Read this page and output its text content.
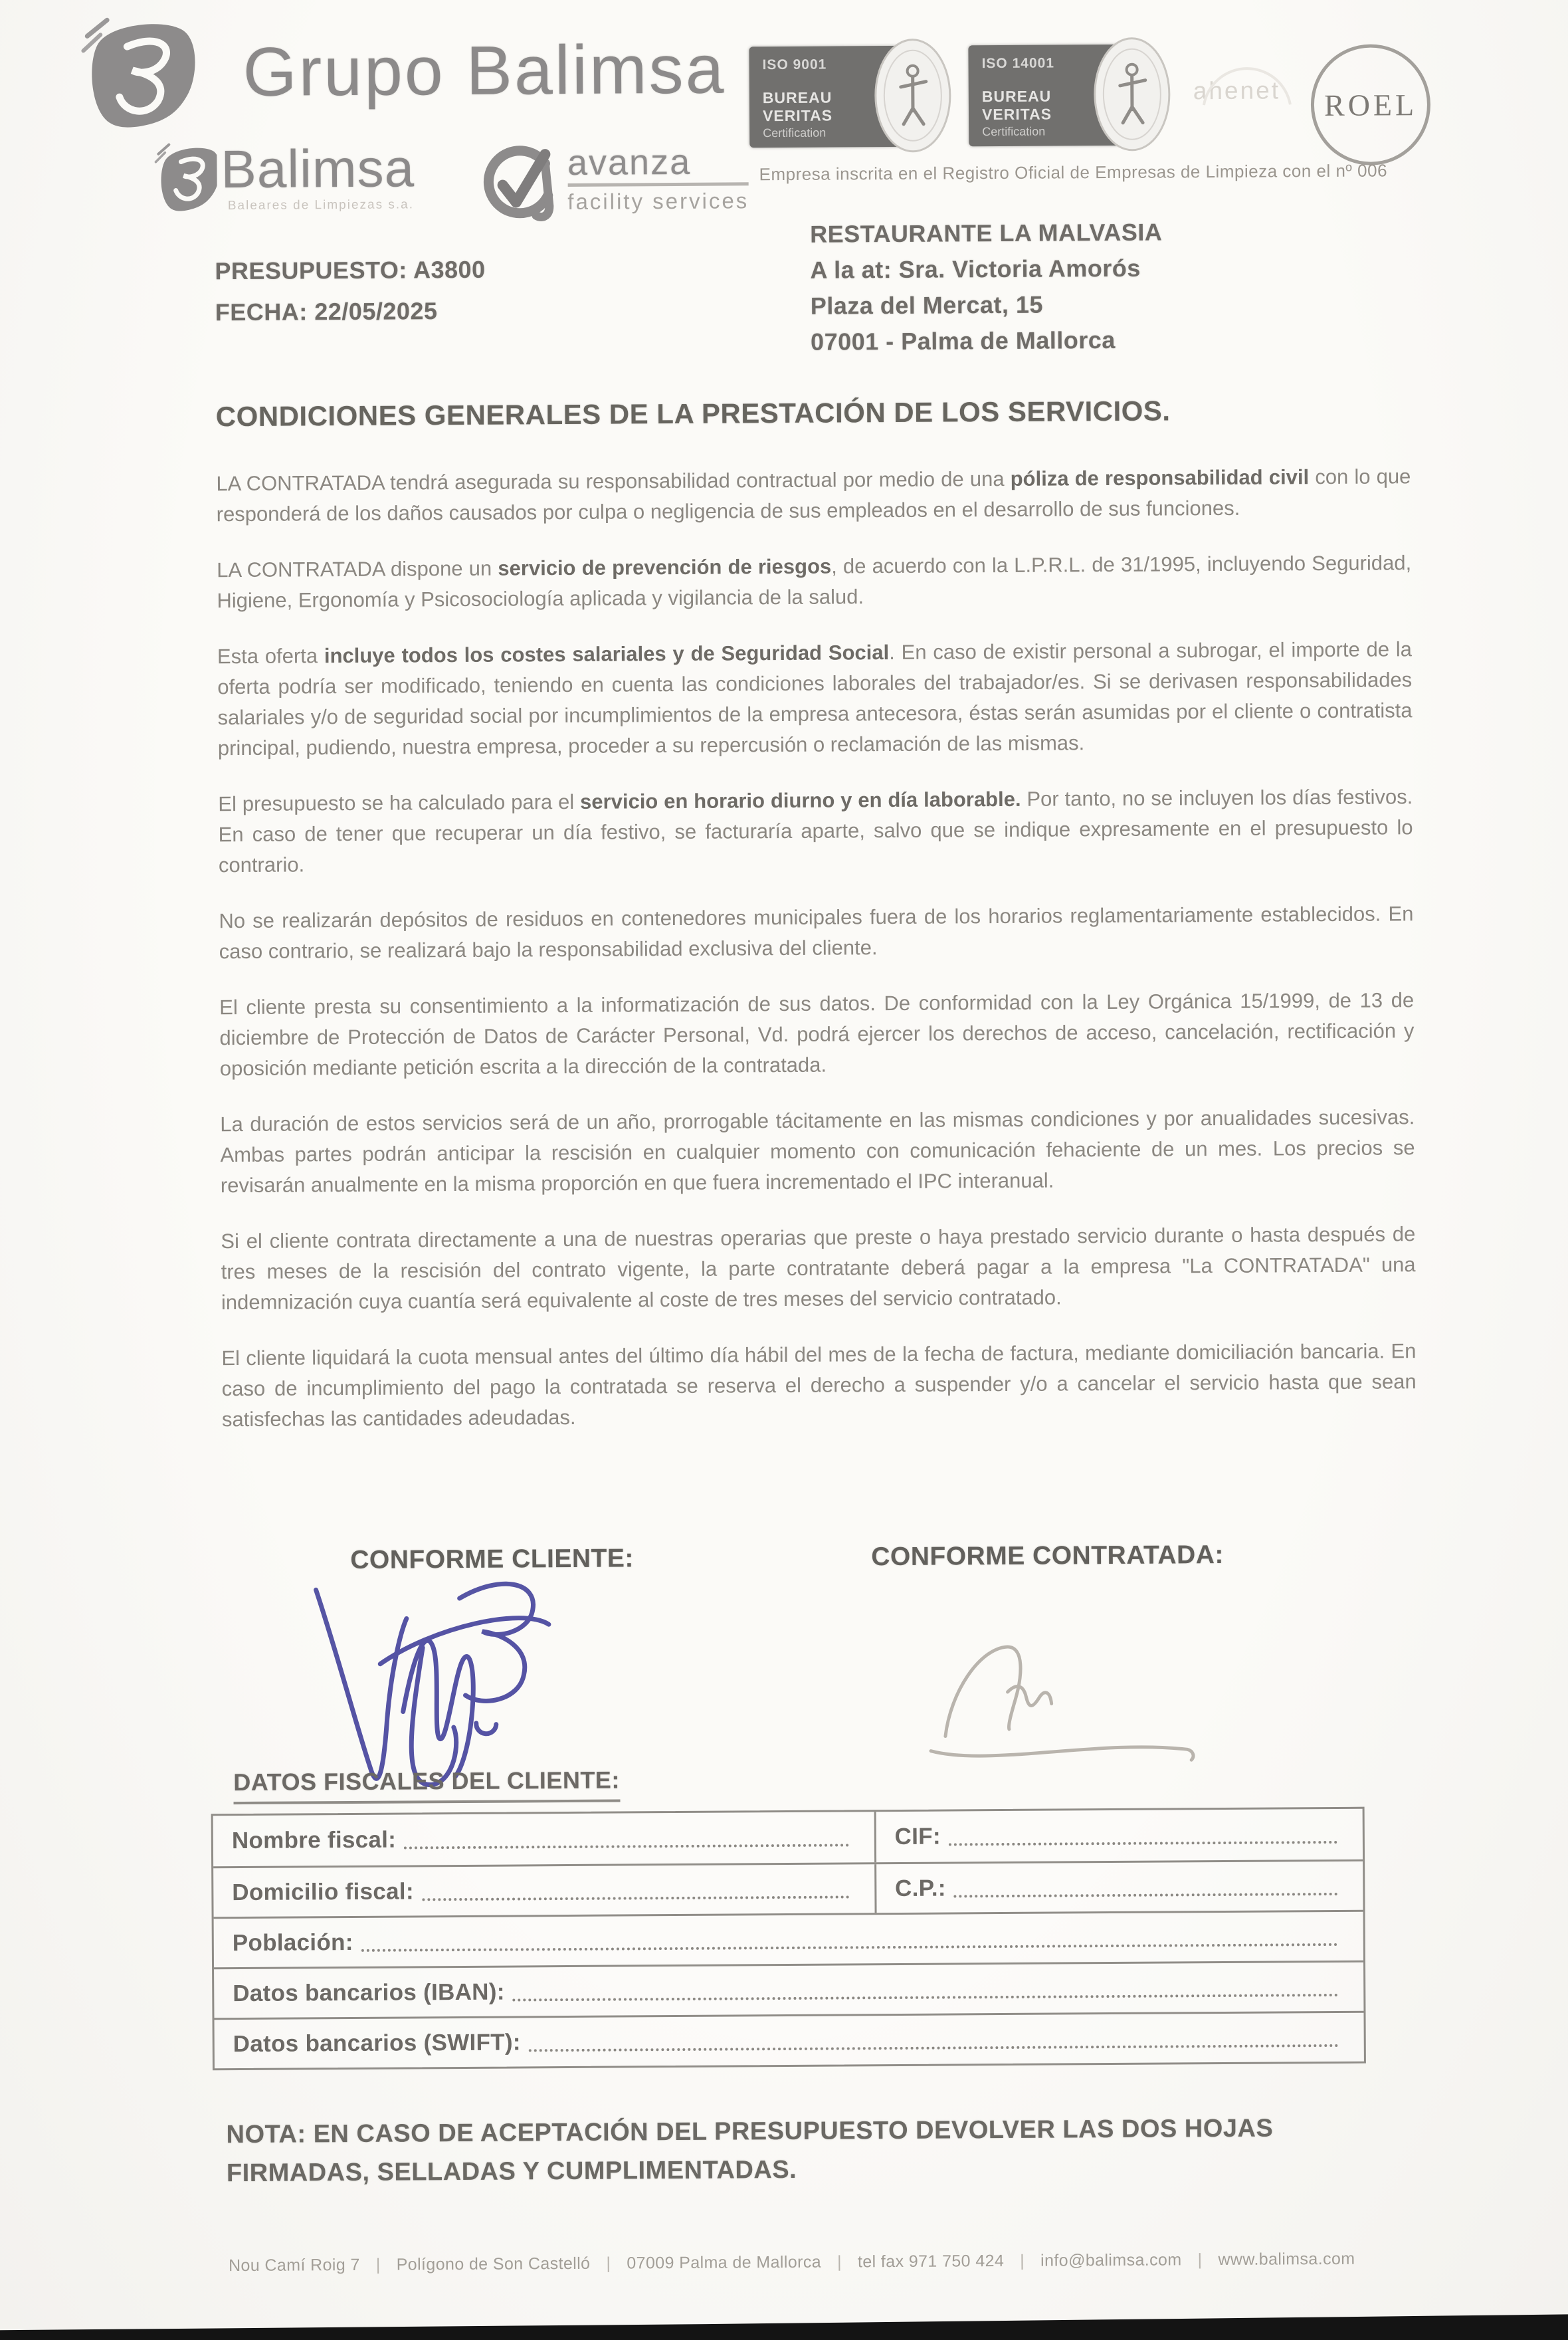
Grupo Balimsa
Balimsa
Baleares de Limpiezas s.a.
avanza
facility services
ISO 9001
BUREAU VERITAS
Certification
ISO 14001
BUREAU VERITAS
Certification
ahenet ROEL
Empresa inscrita en el Registro Oficial de Empresas de Limpieza con el nº 006
PRESUPUESTO: A3800
FECHA: 22/05/2025
RESTAURANTE LA MALVASIA
A la at: Sra. Victoria Amorós
Plaza del Mercat, 15
07001 - Palma de Mallorca
CONDICIONES GENERALES DE LA PRESTACIÓN DE LOS SERVICIOS.

LA CONTRATADA tendrá asegurada su responsabilidad contractual por medio de una póliza de responsabilidad civil con lo que responderá de los daños causados por culpa o negligencia de sus empleados en el desarrollo de sus funciones.

LA CONTRATADA dispone un servicio de prevención de riesgos, de acuerdo con la L.P.R.L. de 31/1995, incluyendo Seguridad, Higiene, Ergonomía y Psicosociología aplicada y vigilancia de la salud.

Esta oferta incluye todos los costes salariales y de Seguridad Social. En caso de existir personal a subrogar, el importe de la oferta podría ser modificado, teniendo en cuenta las condiciones laborales del trabajador/es. Si se derivasen responsabilidades salariales y/o de seguridad social por incumplimientos de la empresa antecesora, éstas serán asumidas por el cliente o contratista principal, pudiendo, nuestra empresa, proceder a su repercusión o reclamación de las mismas.

El presupuesto se ha calculado para el servicio en horario diurno y en día laborable. Por tanto, no se incluyen los días festivos. En caso de tener que recuperar un día festivo, se facturaría aparte, salvo que se indique expresamente en el presupuesto lo contrario.

No se realizarán depósitos de residuos en contenedores municipales fuera de los horarios reglamentariamente establecidos. En caso contrario, se realizará bajo la responsabilidad exclusiva del cliente.

El cliente presta su consentimiento a la informatización de sus datos. De conformidad con la Ley Orgánica 15/1999, de 13 de diciembre de Protección de Datos de Carácter Personal, Vd. podrá ejercer los derechos de acceso, cancelación, rectificación y oposición mediante petición escrita a la dirección de la contratada.

La duración de estos servicios será de un año, prorrogable tácitamente en las mismas condiciones y por anualidades sucesivas. Ambas partes podrán anticipar la rescisión en cualquier momento con comunicación fehaciente de un mes. Los precios se revisarán anualmente en la misma proporción en que fuera incrementado el IPC interanual.

Si el cliente contrata directamente a una de nuestras operarias que preste o haya prestado servicio durante o hasta después de tres meses de la rescisión del contrato vigente, la parte contratante deberá pagar a la empresa "La CONTRATADA" una indemnización cuya cuantía será equivalente al coste de tres meses del servicio contratado.

El cliente liquidará la cuota mensual antes del último día hábil del mes de la fecha de factura, mediante domiciliación bancaria. En caso de incumplimiento del pago la contratada se reserva el derecho a suspender y/o a cancelar el servicio hasta que sean satisfechas las cantidades adeudadas.

CONFORME CLIENTE:	CONFORME CONTRATADA:
DATOS FISCALES DEL CLIENTE:
Nombre fiscal:	CIF:
Domicilio fiscal:	C.P.:
Población:
Datos bancarios (IBAN):
Datos bancarios (SWIFT):
NOTA: EN CASO DE ACEPTACIÓN DEL PRESUPUESTO DEVOLVER LAS DOS HOJAS FIRMADAS, SELLADAS Y CUMPLIMENTADAS.
Nou Camí Roig 7 | Polígono de Son Castelló | 07009 Palma de Mallorca | tel fax 971 750 424 | info@balimsa.com | www.balimsa.com
